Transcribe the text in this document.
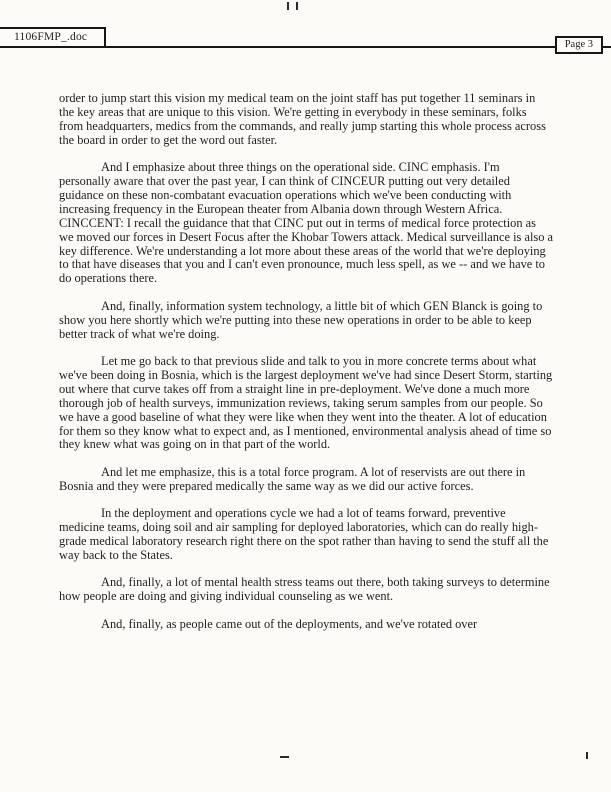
1106FMP_.doc
Page 3

order to jump start this vision my medical team on the joint staff has put together 11 seminars in the key areas that are unique to this vision. We're getting in everybody in these seminars, folks from headquarters, medics from the commands, and really jump starting this whole process across the board in order to get the word out faster.

And I emphasize about three things on the operational side. CINC emphasis. I'm personally aware that over the past year, I can think of CINCEUR putting out very detailed guidance on these non-combatant evacuation operations which we've been conducting with increasing frequency in the European theater from Albania down through Western Africa. CINCCENT: I recall the guidance that that CINC put out in terms of medical force protection as we moved our forces in Desert Focus after the Khobar Towers attack. Medical surveillance is also a key difference. We're understanding a lot more about these areas of the world that we're deploying to that have diseases that you and I can't even pronounce, much less spell, as we -- and we have to do operations there.

And, finally, information system technology, a little bit of which GEN Blanck is going to show you here shortly which we're putting into these new operations in order to be able to keep better track of what we're doing.

Let me go back to that previous slide and talk to you in more concrete terms about what we've been doing in Bosnia, which is the largest deployment we've had since Desert Storm, starting out where that curve takes off from a straight line in pre-deployment. We've done a much more thorough job of health surveys, immunization reviews, taking serum samples from our people. So we have a good baseline of what they were like when they went into the theater. A lot of education for them so they know what to expect and, as I mentioned, environmental analysis ahead of time so they knew what was going on in that part of the world.

And let me emphasize, this is a total force program. A lot of reservists are out there in Bosnia and they were prepared medically the same way as we did our active forces.

In the deployment and operations cycle we had a lot of teams forward, preventive medicine teams, doing soil and air sampling for deployed laboratories, which can do really high-grade medical laboratory research right there on the spot rather than having to send the stuff all the way back to the States.

And, finally, a lot of mental health stress teams out there, both taking surveys to determine how people are doing and giving individual counseling as we went.

And, finally, as people came out of the deployments, and we've rotated over
